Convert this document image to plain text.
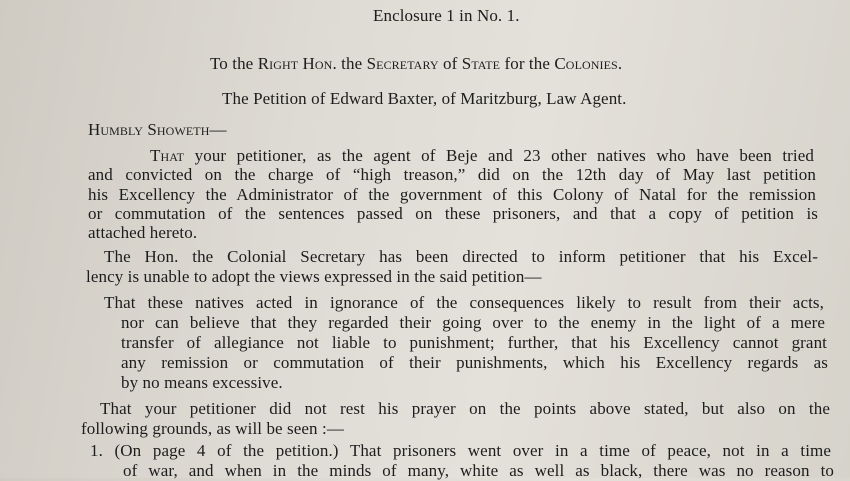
Enclosure 1 in No. 1.
To the Right Hon. the Secretary of State for the Colonies.
The Petition of Edward Baxter, of Maritzburg, Law Agent.
Humbly Showeth—
That your petitioner, as the agent of Beje and 23 other natives who have been tried
and convicted on the charge of “high treason,” did on the 12th day of May last petition
his Excellency the Administrator of the government of this Colony of Natal for the remission
or commutation of the sentences passed on these prisoners, and that a copy of petition is
attached hereto.
The Hon. the Colonial Secretary has been directed to inform petitioner that his Excel-
lency is unable to adopt the views expressed in the said petition—
That these natives acted in ignorance of the consequences likely to result from their acts,
nor can believe that they regarded their going over to the enemy in the light of a mere
transfer of allegiance not liable to punishment; further, that his Excellency cannot grant
any remission or commutation of their punishments, which his Excellency regards as
by no means excessive.
That your petitioner did not rest his prayer on the points above stated, but also on the
following grounds, as will be seen :—
1. (On page 4 of the petition.) That prisoners went over in a time of peace, not in a time
of war, and when in the minds of many, white as well as black, there was no reason to
